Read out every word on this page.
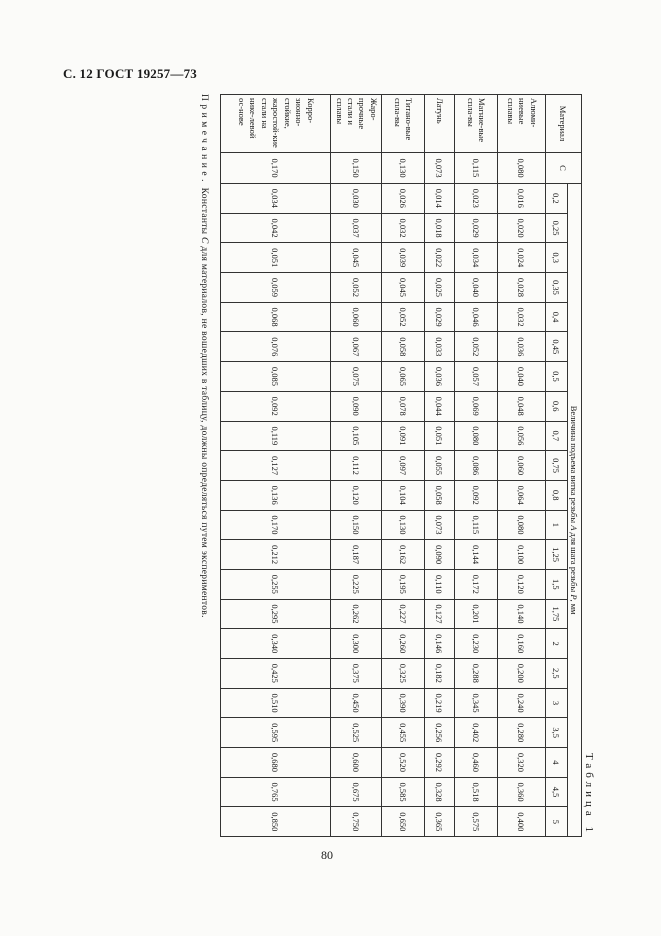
С. 12 ГОСТ 19257—73
Таблица 1
Материал	С	Величина подъема витка резьбы A для шага резьбы P, мм																					
		0,2	0,25	0,3	0,35	0,4	0,45	0,5	0,6	0,7	0,75	0,8	1	1,25	1,5	1,75	2	2,5	3	3,5	4	4,5	5
Алюми-ниевые сплавы	0,080	0,016	0,020	0,024	0,028	0,032	0,036	0,040	0,048	0,056	0,060	0,064	0,080	0,100	0,120	0,140	0,160	0,200	0,240	0,280	0,320	0,360	0,400
Магние-вые спла-вы	0,115	0,023	0,029	0,034	0,040	0,046	0,052	0,057	0,069	0,080	0,086	0,092	0,115	0,144	0,172	0,201	0,230	0,288	0,345	0,402	0,460	0,518	0,575
Латунь	0,073	0,014	0,018	0,022	0,025	0,029	0,033	0,036	0,044	0,051	0,055	0,058	0,073	0,090	0,110	0,127	0,146	0,182	0,219	0,256	0,292	0,328	0,365
Титано-вые спла-вы	0,130	0,026	0,032	0,039	0,045	0,052	0,058	0,065	0,078	0,091	0,097	0,104	0,130	0,162	0,195	0,227	0,260	0,325	0,390	0,455	0,520	0,585	0,650
Жаро-прочные стали и сплавы	0,150	0,030	0,037	0,045	0,052	0,060	0,067	0,075	0,090	0,105	0,112	0,120	0,150	0,187	0,225	0,262	0,300	0,375	0,450	0,525	0,600	0,675	0,750
Корро-зионно-стойкие, жаростой-кие стали на нике-левой ос-нове	0,170	0,034	0,042	0,051	0,059	0,068	0,076	0,085	0,092	0,119	0,127	0,136	0,170	0,212	0,255	0,295	0,340	0,425	0,510	0,595	0,680	0,765	0,850
Примечание. Константы С для материалов, не вошедших в таблицу, должны определяться путем экспериментов.
80
